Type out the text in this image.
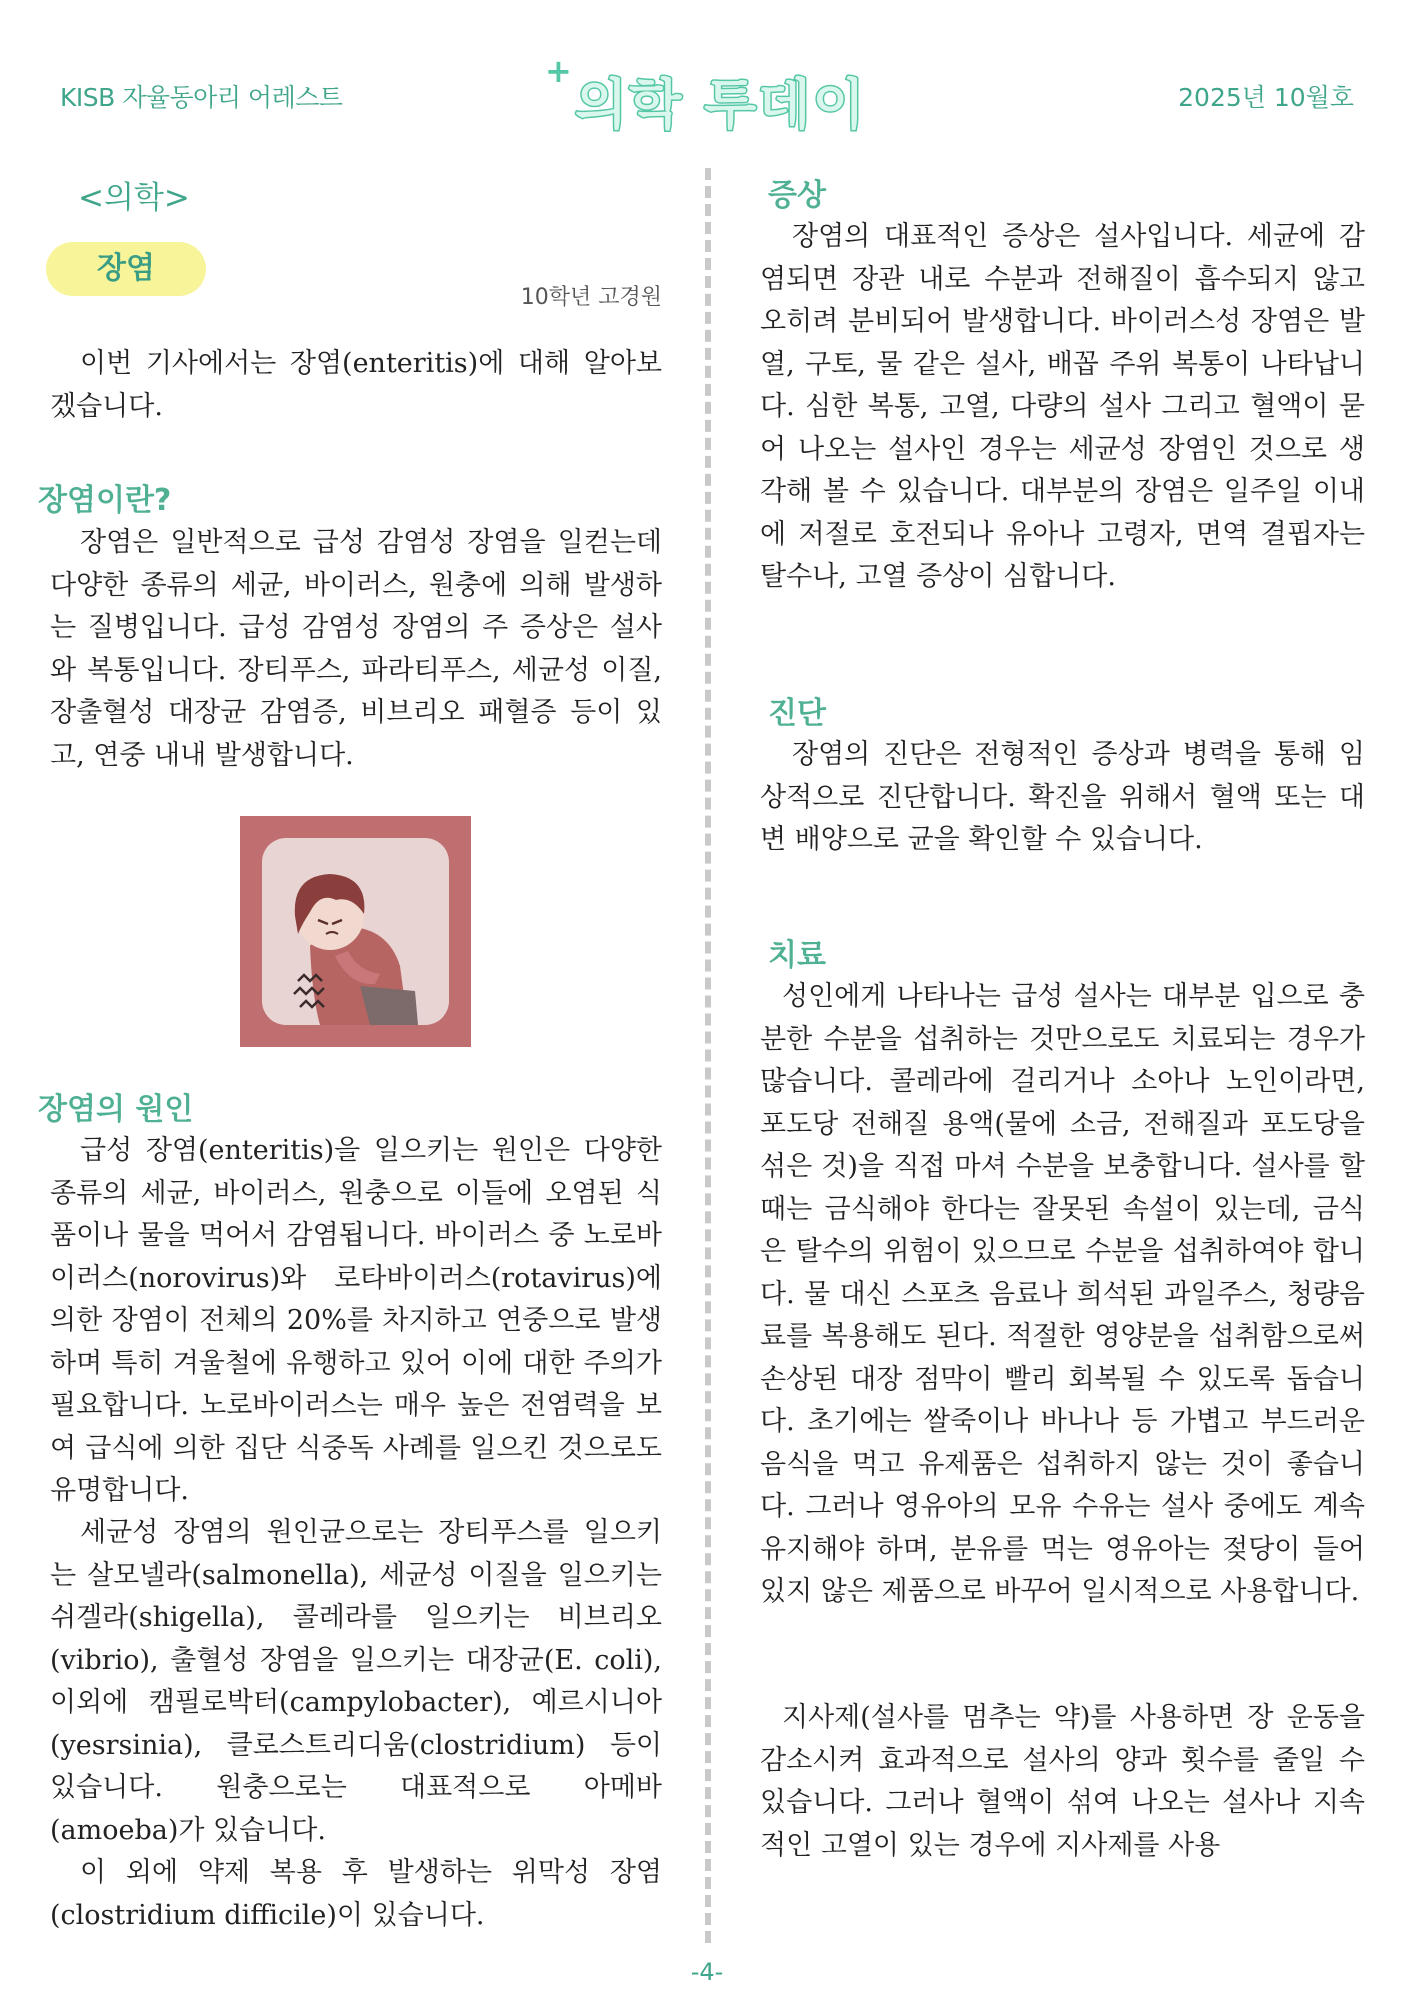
KISB 자율동아리 어레스트
+
의학 투데이	2025년 10월호
<의학>
장염
10학년 고경원

이번 기사에서는 장염(enteritis)에 대해 알아보겠습니다.

장염이란?

장염은 일반적으로 급성 감염성 장염을 일컫는데 다양한 종류의 세균, 바이러스, 원충에 의해 발생하는 질병입니다. 급성 감염성 장염의 주 증상은 설사와 복통입니다. 장티푸스, 파라티푸스, 세균성 이질, 장출혈성 대장균 감염증, 비브리오 패혈증 등이 있고, 연중 내내 발생합니다.

장염의 원인

급성 장염(enteritis)을 일으키는 원인은 다양한 종류의 세균, 바이러스, 원충으로 이들에 오염된 식품이나 물을 먹어서 감염됩니다. 바이러스 중 노로바이러스(norovirus)와 로타바이러스(rotavirus)에 의한 장염이 전체의 20%를 차지하고 연중으로 발생하며 특히 겨울철에 유행하고 있어 이에 대한 주의가 필요합니다. 노로바이러스는 매우 높은 전염력을 보여 급식에 의한 집단 식중독 사례를 일으킨 것으로도 유명합니다.

세균성 장염의 원인균으로는 장티푸스를 일으키는 살모넬라(salmonella), 세균성 이질을 일으키는 쉬겔라(shigella), 콜레라를 일으키는 비브리오(vibrio), 출혈성 장염을 일으키는 대장균(E. coli), 이외에 캠필로박터(campylobacter), 예르시니아(yesrsinia), 클로스트리디움(clostridium) 등이 있습니다. 원충으로는 대표적으로 아메바 (amoeba)가 있습니다.

이 외에 약제 복용 후 발생하는 위막성 장염(clostridium difficile)이 있습니다.

증상

장염의 대표적인 증상은 설사입니다. 세균에 감염되면 장관 내로 수분과 전해질이 흡수되지 않고 오히려 분비되어 발생합니다. 바이러스성 장염은 발열, 구토, 물 같은 설사, 배꼽 주위 복통이 나타납니다. 심한 복통, 고열, 다량의 설사 그리고 혈액이 묻어 나오는 설사인 경우는 세균성 장염인 것으로 생각해 볼 수 있습니다. 대부분의 장염은 일주일 이내에 저절로 호전되나 유아나 고령자, 면역 결핍자는 탈수나, 고열 증상이 심합니다.

진단

장염의 진단은 전형적인 증상과 병력을 통해 임상적으로 진단합니다. 확진을 위해서 혈액 또는 대변 배양으로 균을 확인할 수 있습니다.

치료

성인에게 나타나는 급성 설사는 대부분 입으로 충분한 수분을 섭취하는 것만으로도 치료되는 경우가 많습니다. 콜레라에 걸리거나 소아나 노인이라면, 포도당 전해질 용액(물에 소금, 전해질과 포도당을 섞은 것)을 직접 마셔 수분을 보충합니다. 설사를 할 때는 금식해야 한다는 잘못된 속설이 있는데, 금식은 탈수의 위험이 있으므로 수분을 섭취하여야 합니다. 물 대신 스포츠 음료나 희석된 과일주스, 청량음료를 복용해도 된다. 적절한 영양분을 섭취함으로써 손상된 대장 점막이 빨리 회복될 수 있도록 돕습니다. 초기에는 쌀죽이나 바나나 등 가볍고 부드러운 음식을 먹고 유제품은 섭취하지 않는 것이 좋습니다. 그러나 영유아의 모유 수유는 설사 중에도 계속 유지해야 하며, 분유를 먹는 영유아는 젖당이 들어 있지 않은 제품으로 바꾸어 일시적으로 사용합니다.

지사제(설사를 멈추는 약)를 사용하면 장 운동을 감소시켜 효과적으로 설사의 양과 횟수를 줄일 수 있습니다. 그러나 혈액이 섞여 나오는 설사나 지속적인 고열이 있는 경우에 지사제를 사용

-4-
